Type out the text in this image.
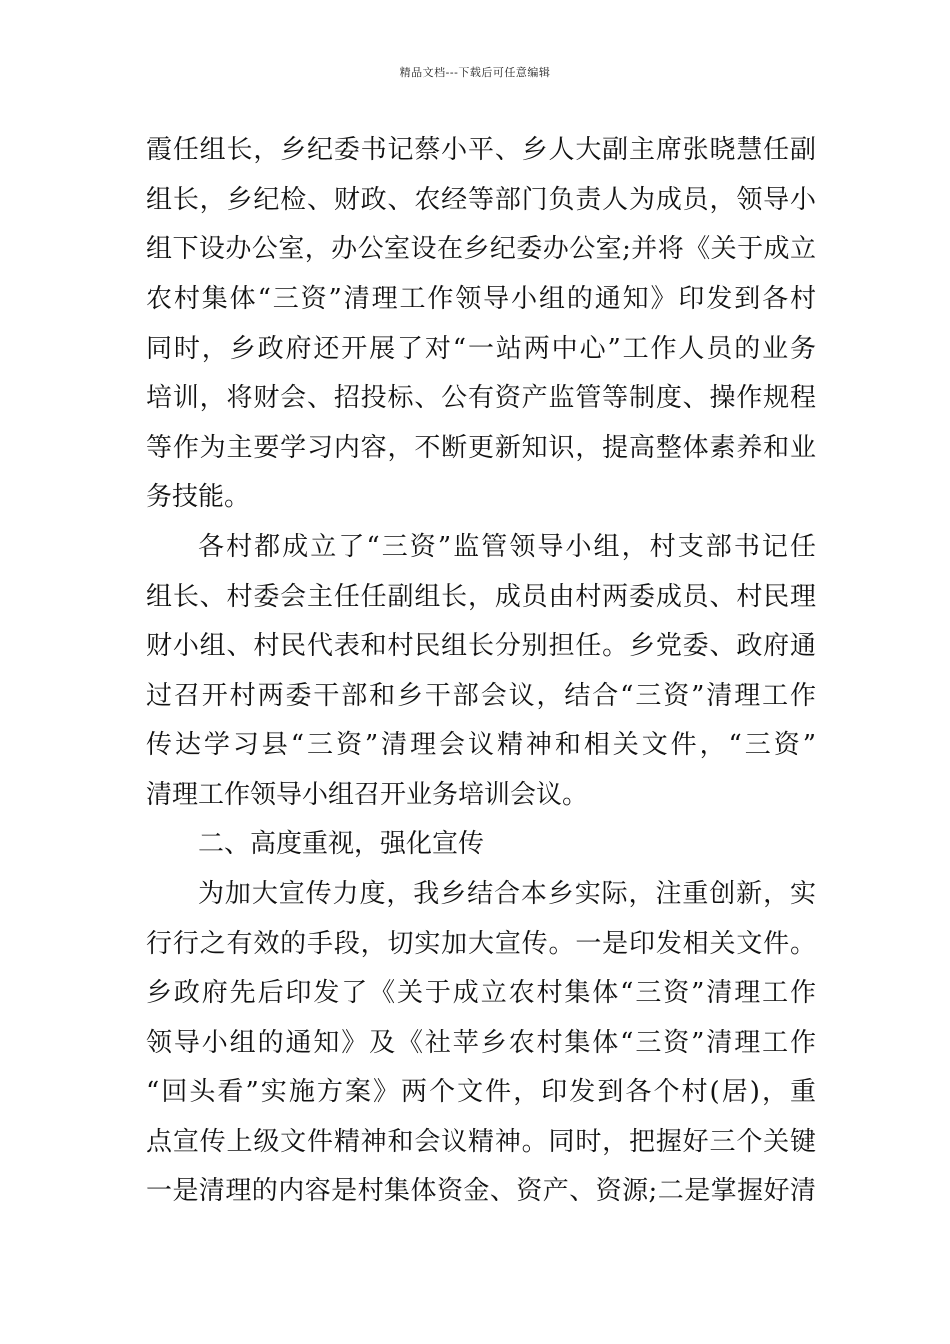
精品文档---下载后可任意编辑
霞任组长，乡纪委书记蔡小平、乡人大副主席张晓慧任副
组长，乡纪检、财政、农经等部门负责人为成员，领导小
组下设办公室，办公室设在乡纪委办公室;并将《关于成立
农村集体“三资”清理工作领导小组的通知》印发到各村
同时，乡政府还开展了对“一站两中心”工作人员的业务
培训，将财会、招投标、公有资产监管等制度、操作规程
等作为主要学习内容，不断更新知识，提高整体素养和业
务技能。
各村都成立了“三资”监管领导小组，村支部书记任
组长、村委会主任任副组长，成员由村两委成员、村民理
财小组、村民代表和村民组长分别担任。乡党委、政府通
过召开村两委干部和乡干部会议，结合“三资”清理工作
传达学习县“三资”清理会议精神和相关文件，“三资”
清理工作领导小组召开业务培训会议。
二、高度重视，强化宣传
为加大宣传力度，我乡结合本乡实际，注重创新，实
行行之有效的手段，切实加大宣传。一是印发相关文件。
乡政府先后印发了《关于成立农村集体“三资”清理工作
领导小组的通知》及《社苹乡农村集体“三资”清理工作
“回头看”实施方案》两个文件，印发到各个村(居)，重
点宣传上级文件精神和会议精神。同时，把握好三个关键
一是清理的内容是村集体资金、资产、资源;二是掌握好清
